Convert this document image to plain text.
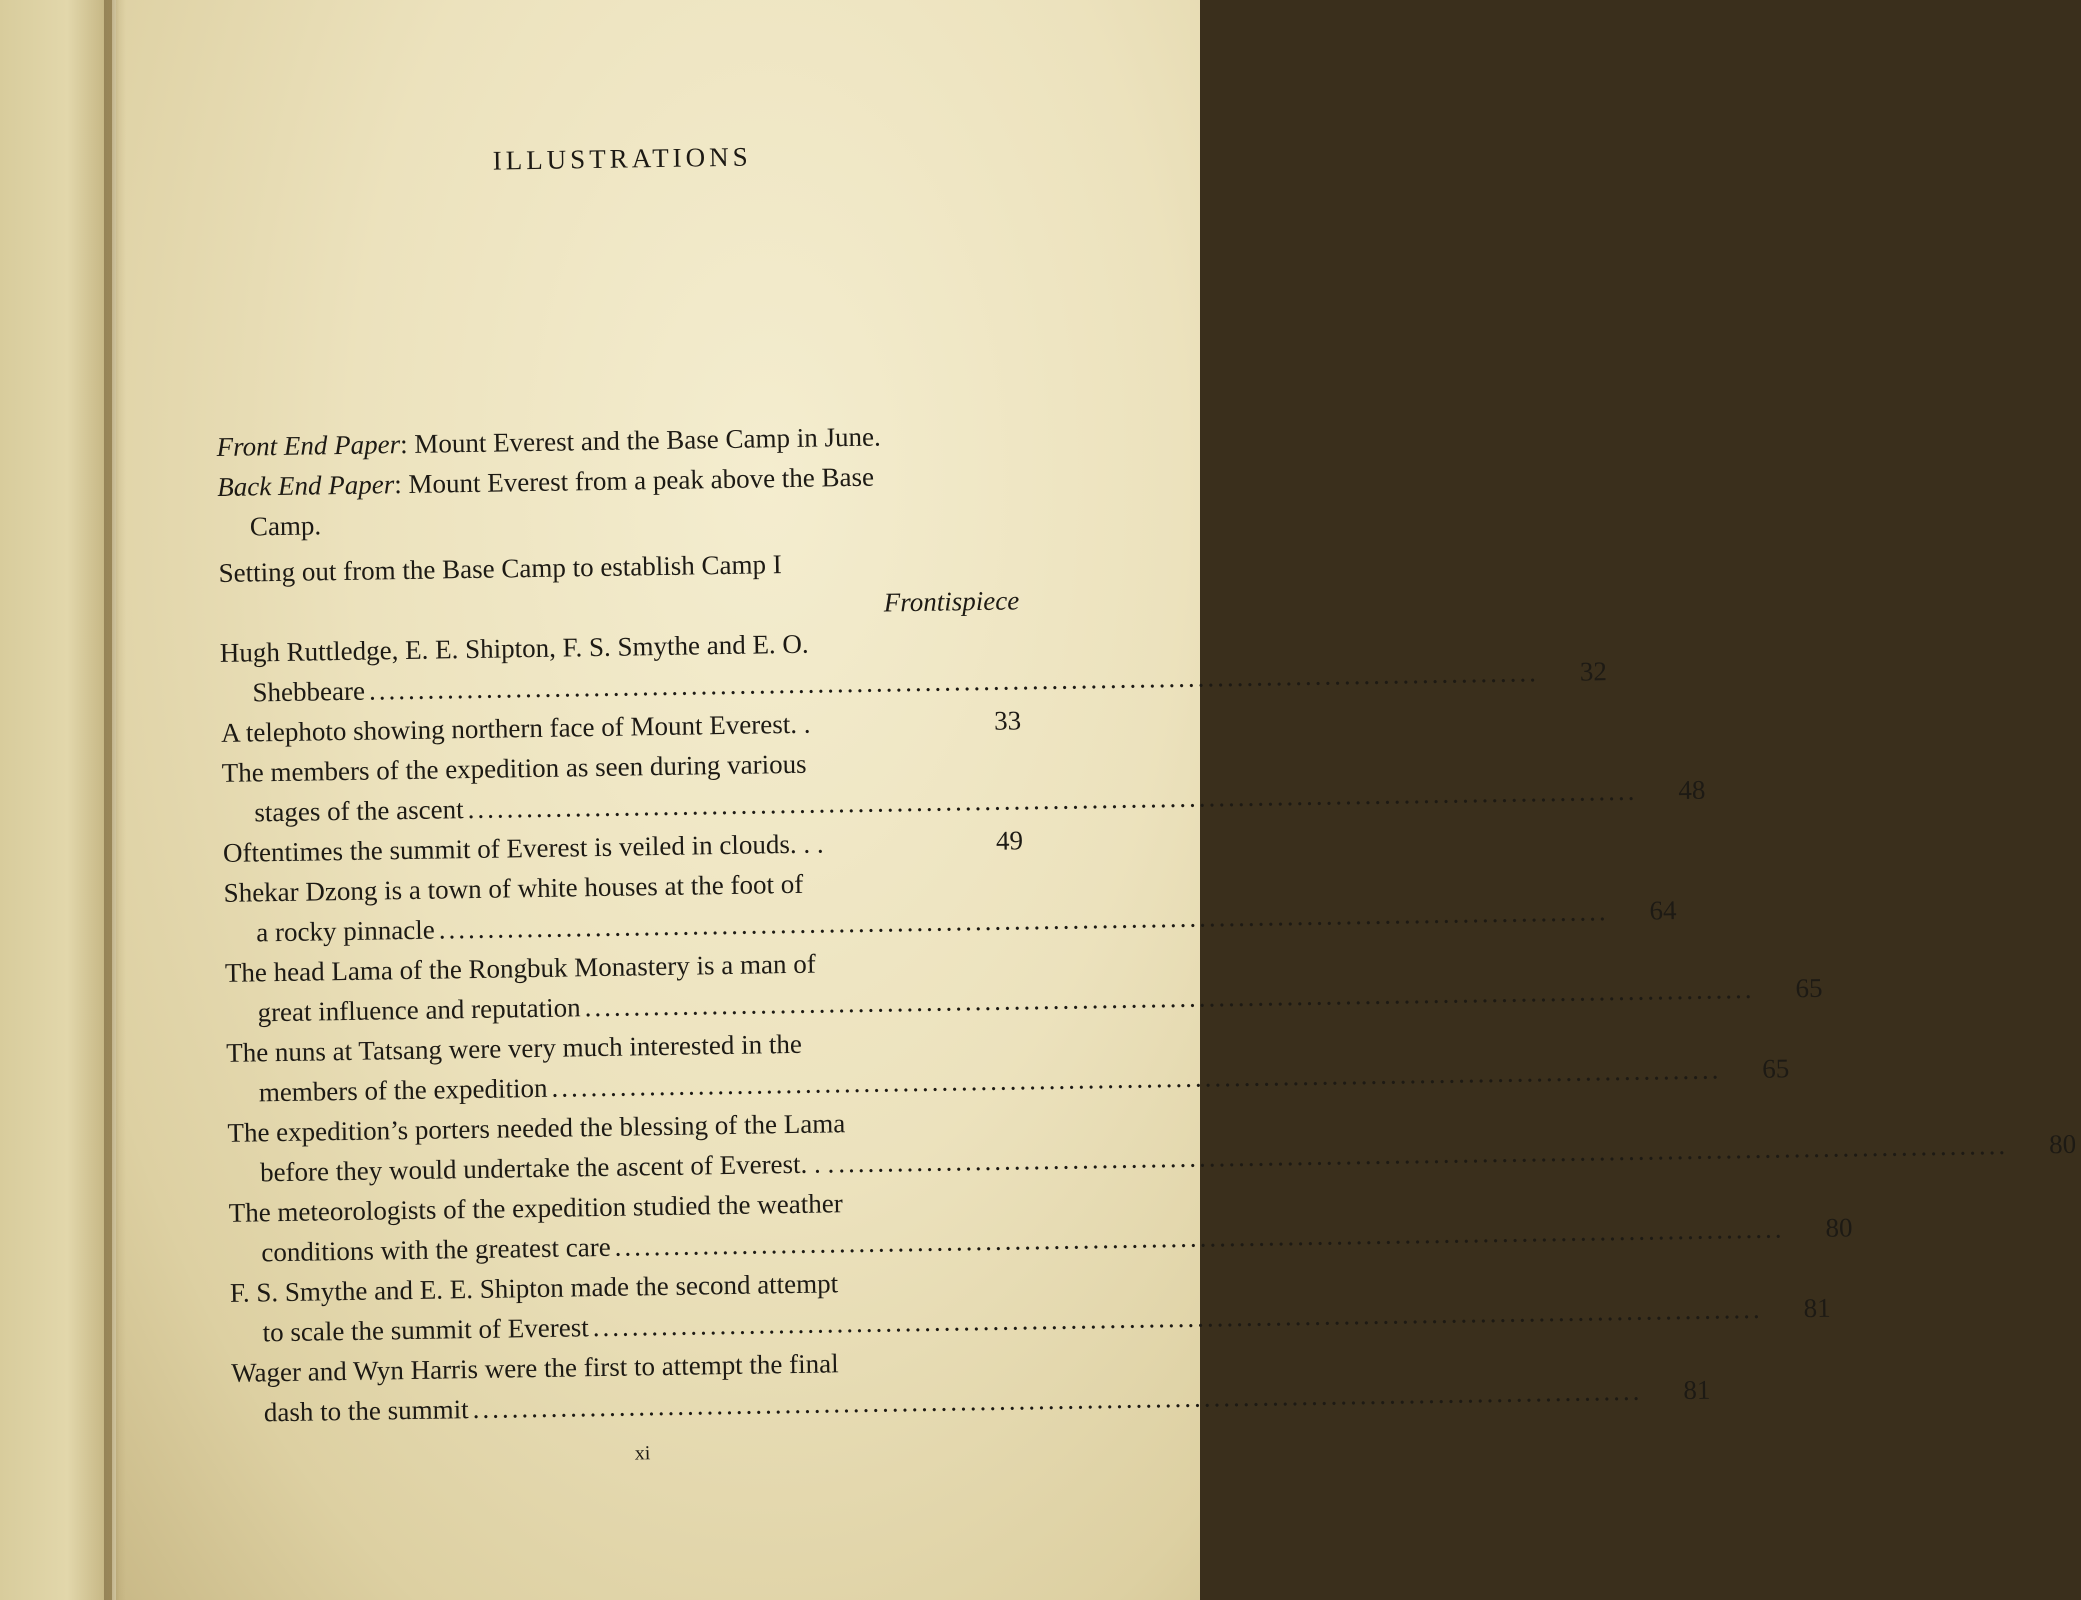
ILLUSTRATIONS
Front End Paper: Mount Everest and the Base Camp in June.
Back End Paper: Mount Everest from a peak above the Base
Camp.
Setting out from the Base Camp to establish Camp I
Frontispiece
Hugh Ruttledge, E. E. Shipton, F. S. Smythe and E. O.
Shebbeare ........................................................................................................................	32
A telephoto showing northern face of Mount Everest. .	33
The members of the expedition as seen during various
stages of the ascent ........................................................................................................................	48
Oftentimes the summit of Everest is veiled in clouds. . .	49
Shekar Dzong is a town of white houses at the foot of
a rocky pinnacle ........................................................................................................................	64
The head Lama of the Rongbuk Monastery is a man of
great influence and reputation ........................................................................................................................	65
The nuns at Tatsang were very much interested in the
members of the expedition ........................................................................................................................	65
The expedition’s porters needed the blessing of the Lama
before they would undertake the ascent of Everest. . . ........................................................................................................................	80
The meteorologists of the expedition studied the weather
conditions with the greatest care ........................................................................................................................	80
F. S. Smythe and E. E. Shipton made the second attempt
to scale the summit of Everest ........................................................................................................................	81
Wager and Wyn Harris were the first to attempt the final
dash to the summit ........................................................................................................................	81
xi
